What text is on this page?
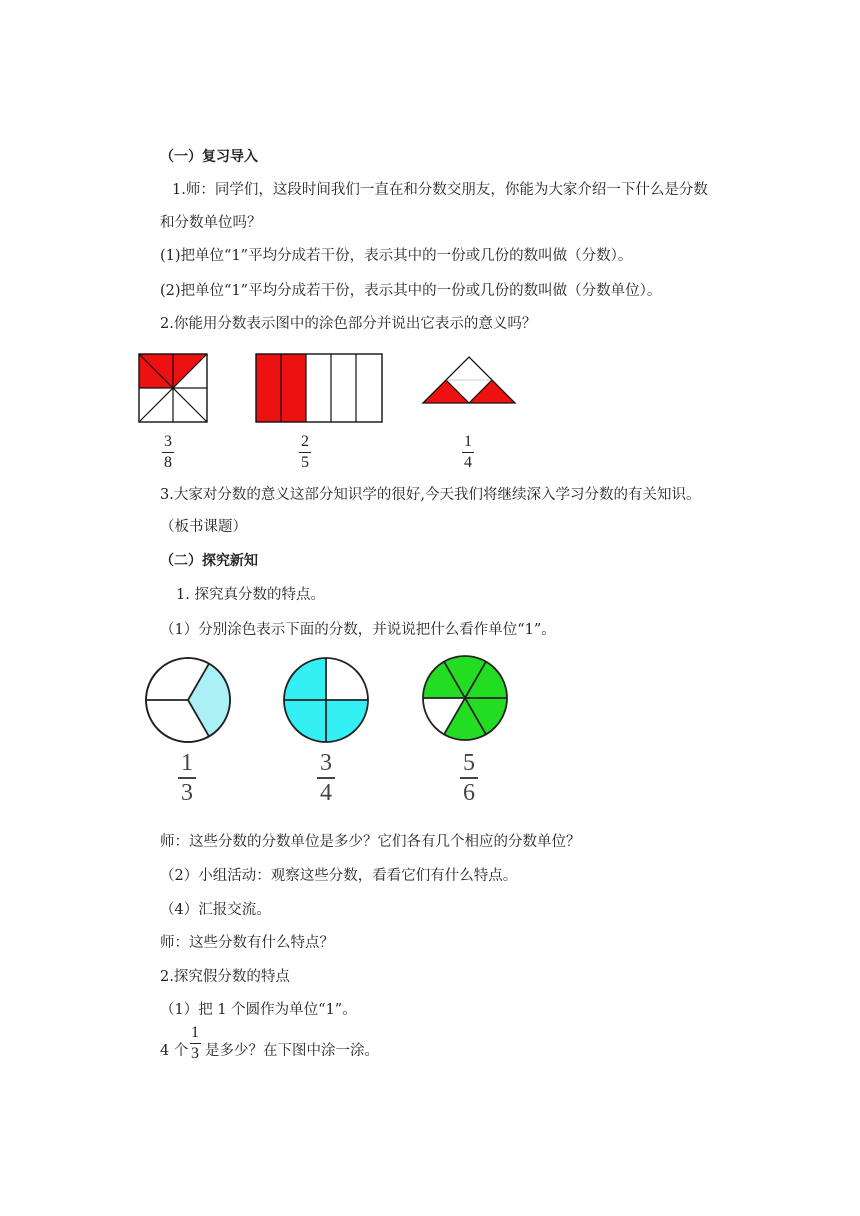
（一）复习导入
1.师：同学们，这段时间我们一直在和分数交朋友，你能为大家介绍一下什么是分数
和分数单位吗？
(1)把单位“1”平均分成若干份，表示其中的一份或几份的数叫做（分数）。
(2)把单位“1”平均分成若干份，表示其中的一份或几份的数叫做（分数单位）。
2.你能用分数表示图中的涂色部分并说出它表示的意义吗？
3
8
2
5
1
4
3.大家对分数的意义这部分知识学的很好,今天我们将继续深入学习分数的有关知识。
（板书课题）
（二）探究新知
1. 探究真分数的特点。
（1）分别涂色表示下面的分数，并说说把什么看作单位“1”。
1
3
3
4
5
6
师：这些分数的分数单位是多少？它们各有几个相应的分数单位？
（2）小组活动：观察这些分数，看看它们有什么特点。
（4）汇报交流。
师：这些分数有什么特点？
2.探究假分数的特点
（1）把 1 个圆作为单位“1”。
4 个
1
3 是多少？在下图中涂一涂。
